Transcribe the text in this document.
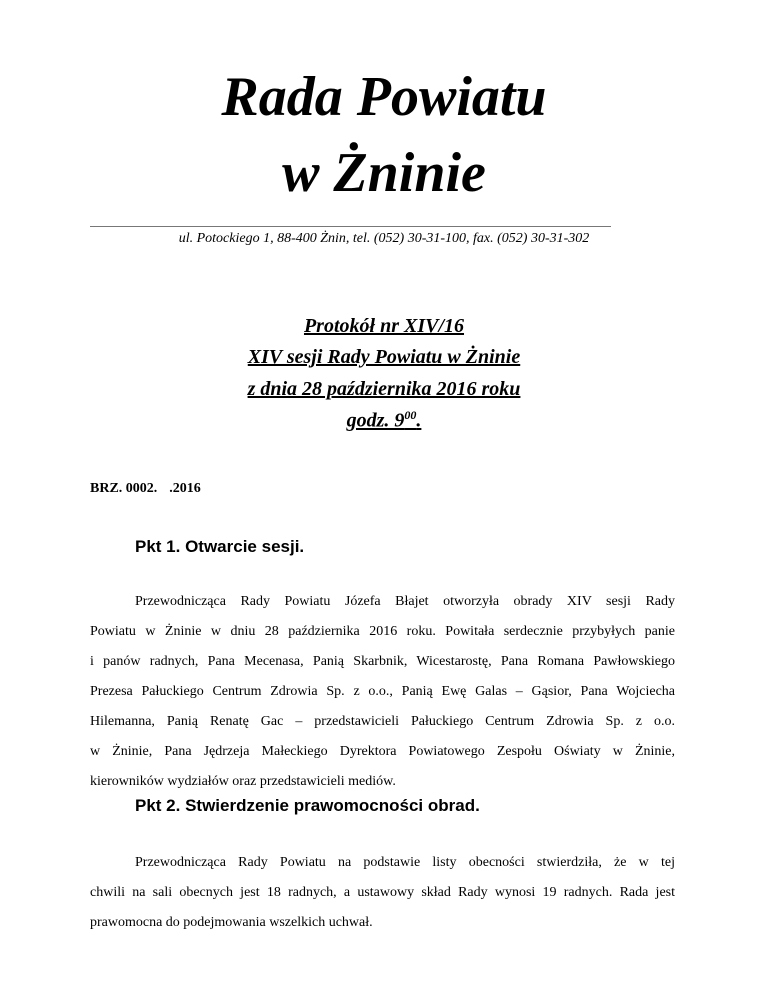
Rada Powiatu
w Żninie
ul. Potockiego 1, 88-400 Żnin, tel. (052) 30-31-100, fax. (052) 30-31-302
Protokół nr XIV/16
XIV sesji Rady Powiatu w Żninie
z dnia 28 października 2016 roku
godz. $9^{00}$.
BRZ. 0002. .2016
Pkt 1. Otwarcie sesji.
Przewodnicząca Rady Powiatu Józefa Błajet otworzyła obrady XIV sesji Rady
Powiatu w Żninie w dniu 28 października 2016 roku. Powitała serdecznie przybyłych panie
i panów radnych, Pana Mecenasa, Panią Skarbnik, Wicestarostę, Pana Romana Pawłowskiego
Prezesa Pałuckiego Centrum Zdrowia Sp. z o.o., Panią Ewę Galas – Gąsior, Pana Wojciecha
Hilemanna, Panią Renatę Gac – przedstawicieli Pałuckiego Centrum Zdrowia Sp. z o.o.
w Żninie, Pana Jędrzeja Małeckiego Dyrektora Powiatowego Zespołu Oświaty w Żninie,
kierowników wydziałów oraz przedstawicieli mediów.
Pkt 2. Stwierdzenie prawomocności obrad.
Przewodnicząca Rady Powiatu na podstawie listy obecności stwierdziła, że w tej
chwili na sali obecnych jest 18 radnych, a ustawowy skład Rady wynosi 19 radnych. Rada jest
prawomocna do podejmowania wszelkich uchwał.
